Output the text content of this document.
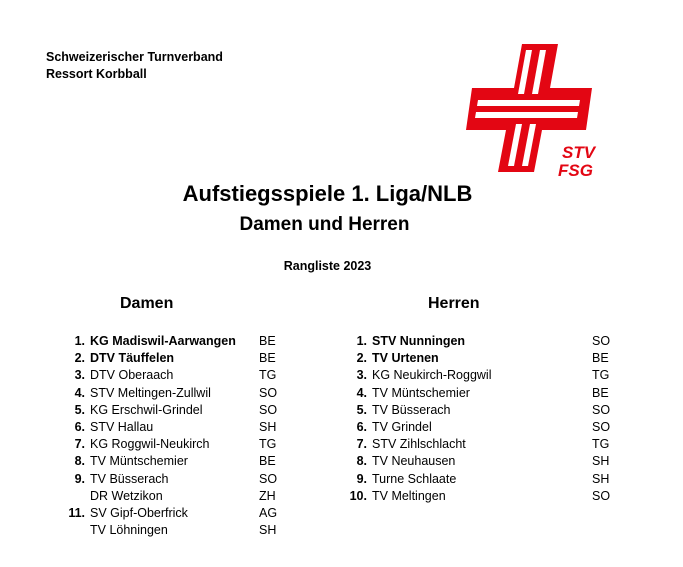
Schweizerischer Turnverband
Ressort Korbball
STV
FSG
Aufstiegsspiele 1. Liga/NLB
Damen und Herren
Rangliste 2023
Damen	Herren
1. KG Madiswil-Aarwangen BE
2. DTV Täuffelen	BE
3. DTV Oberaach	TG
4. STV Meltingen-Zullwil	SO
5. KG Erschwil-Grindel	SO
6. STV Hallau	SH
7. KG Roggwil-Neukirch	TG
8. TV Müntschemier	BE
9. TV Büsserach	SO
DR Wetzikon	ZH
11. SV Gipf-Oberfrick	AG
TV Löhningen	SH
1. STV Nunningen	SO
2. TV Urtenen	BE
3. KG Neukirch-Roggwil	TG
4. TV Müntschemier	BE
5. TV Büsserach	SO
6. TV Grindel	SO
7. STV Zihlschlacht	TG
8. TV Neuhausen	SH
9. Turne Schlaate	SH
10. TV Meltingen	SO
